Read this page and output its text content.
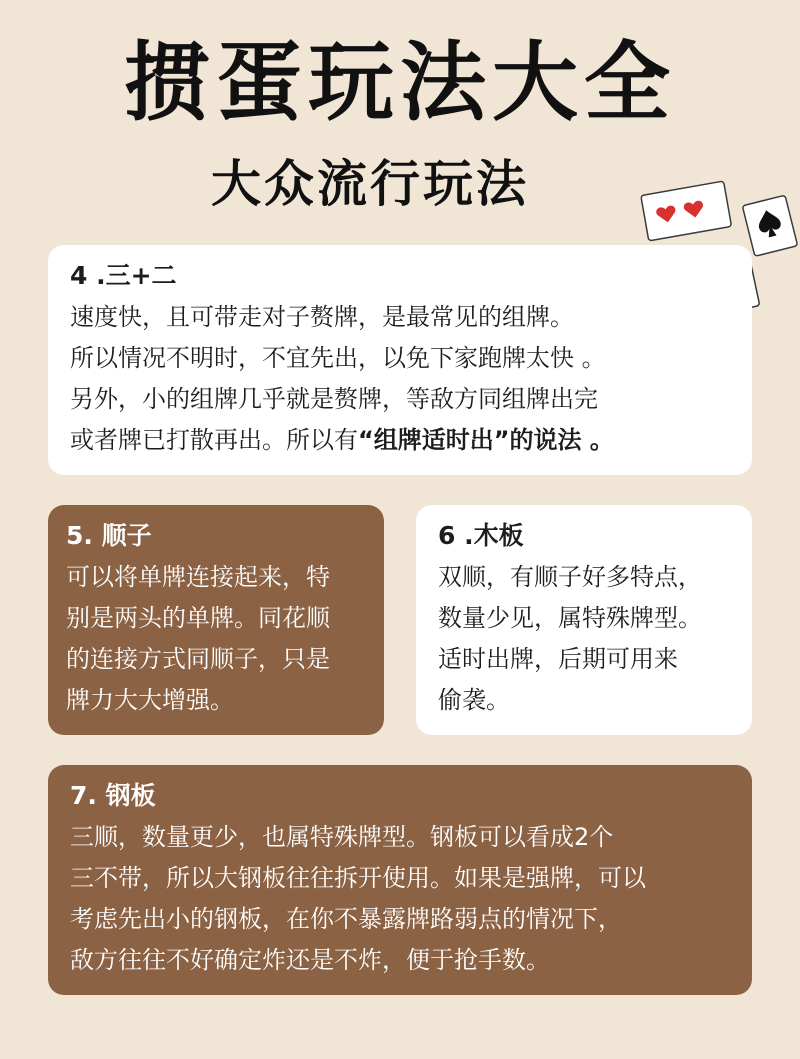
掼蛋玩法大全
大众流行玩法
4 .三+二
速度快，且可带走对子赘牌，是最常见的组牌。
所以情况不明时，不宜先出，以免下家跑牌太快 。
另外，小的组牌几乎就是赘牌，等敌方同组牌出完
或者牌已打散再出。所以有“组牌适时出”的说法 。
5. 顺子
可以将单牌连接起来，特
别是两头的单牌。同花顺
的连接方式同顺子，只是
牌力大大增强。
6 .木板
双顺，有顺子好多特点，
数量少见，属特殊牌型。
适时出牌，后期可用来
偷袭。
7. 钢板
三顺，数量更少，也属特殊牌型。钢板可以看成2个
三不带，所以大钢板往往拆开使用。如果是强牌，可以
考虑先出小的钢板，在你不暴露牌路弱点的情况下，
敌方往往不好确定炸还是不炸，便于抢手数。
